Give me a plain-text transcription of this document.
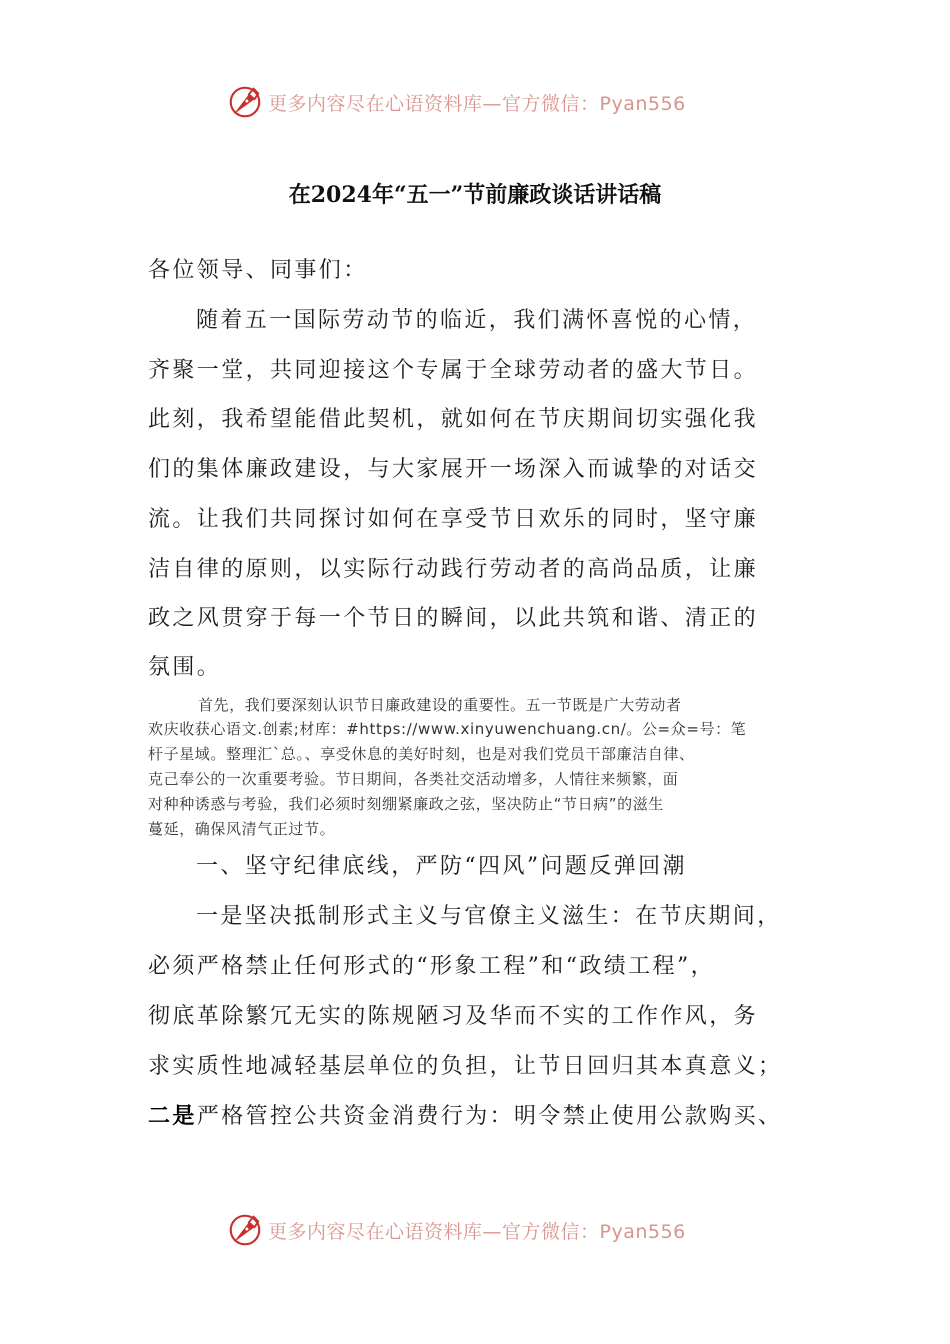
更多内容尽在心语资料库—官方微信：Pyan556
在2024年“五一”节前廉政谈话讲话稿
各位领导、同事们：
随着五一国际劳动节的临近，我们满怀喜悦的心情，
齐聚一堂，共同迎接这个专属于全球劳动者的盛大节日。
此刻，我希望能借此契机，就如何在节庆期间切实强化我
们的集体廉政建设，与大家展开一场深入而诚挚的对话交
流。让我们共同探讨如何在享受节日欢乐的同时，坚守廉
洁自律的原则，以实际行动践行劳动者的高尚品质，让廉
政之风贯穿于每一个节日的瞬间，以此共筑和谐、清正的
氛围。
首先，我们要深刻认识节日廉政建设的重要性。五一节既是广大劳动者
欢庆收获心语文.创素;材库：#https://www.xinyuwenchuang.cn/。公=众=号：笔
杆子星域。整理汇`总。、享受休息的美好时刻，也是对我们党员干部廉洁自律、
克己奉公的一次重要考验。节日期间，各类社交活动增多，人情往来频繁，面
对种种诱惑与考验，我们必须时刻绷紧廉政之弦，坚决防止“节日病”的滋生
蔓延，确保风清气正过节。
一、坚守纪律底线，严防“四风”问题反弹回潮
一是坚决抵制形式主义与官僚主义滋生：在节庆期间，
必须严格禁止任何形式的“形象工程”和“政绩工程”，
彻底革除繁冗无实的陈规陋习及华而不实的工作作风，务
求实质性地减轻基层单位的负担，让节日回归其本真意义；
二是严格管控公共资金消费行为：明令禁止使用公款购买、
更多内容尽在心语资料库—官方微信：Pyan556
